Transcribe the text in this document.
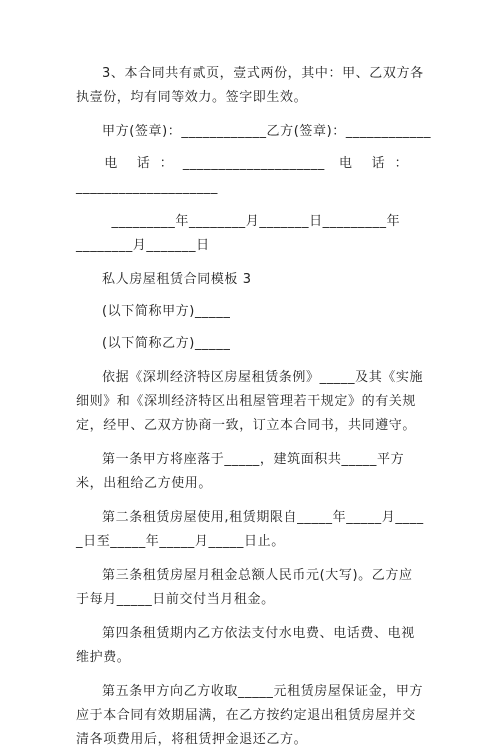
3、本合同共有贰页，壹式两份，其中：甲、乙双方各执壹份，均有同等效力。签字即生效。

甲方(签章)：____________乙方(签章)：____________

电    话  ：  ____________________   电    话  ：

____________________

_________年________月_______日_________年

________月_______日

私人房屋租赁合同模板 3

(以下简称甲方)_____

(以下简称乙方)_____

依据《深圳经济特区房屋租赁条例》_____及其《实施细则》和《深圳经济特区出租屋管理若干规定》的有关规定，经甲、乙双方协商一致，订立本合同书，共同遵守。

第一条甲方将座落于_____，建筑面积共_____平方米，出租给乙方使用。

第二条租赁房屋使用,租赁期限自_____年_____月_____日至_____年_____月_____日止。

第三条租赁房屋月租金总额人民币元(大写)。乙方应于每月_____日前交付当月租金。

第四条租赁期内乙方依法支付水电费、电话费、电视维护费。

第五条甲方向乙方收取_____元租赁房屋保证金，甲方应于本合同有效期届满，在乙方按约定退出租赁房屋并交清各项费用后，将租赁押金退还乙方。
